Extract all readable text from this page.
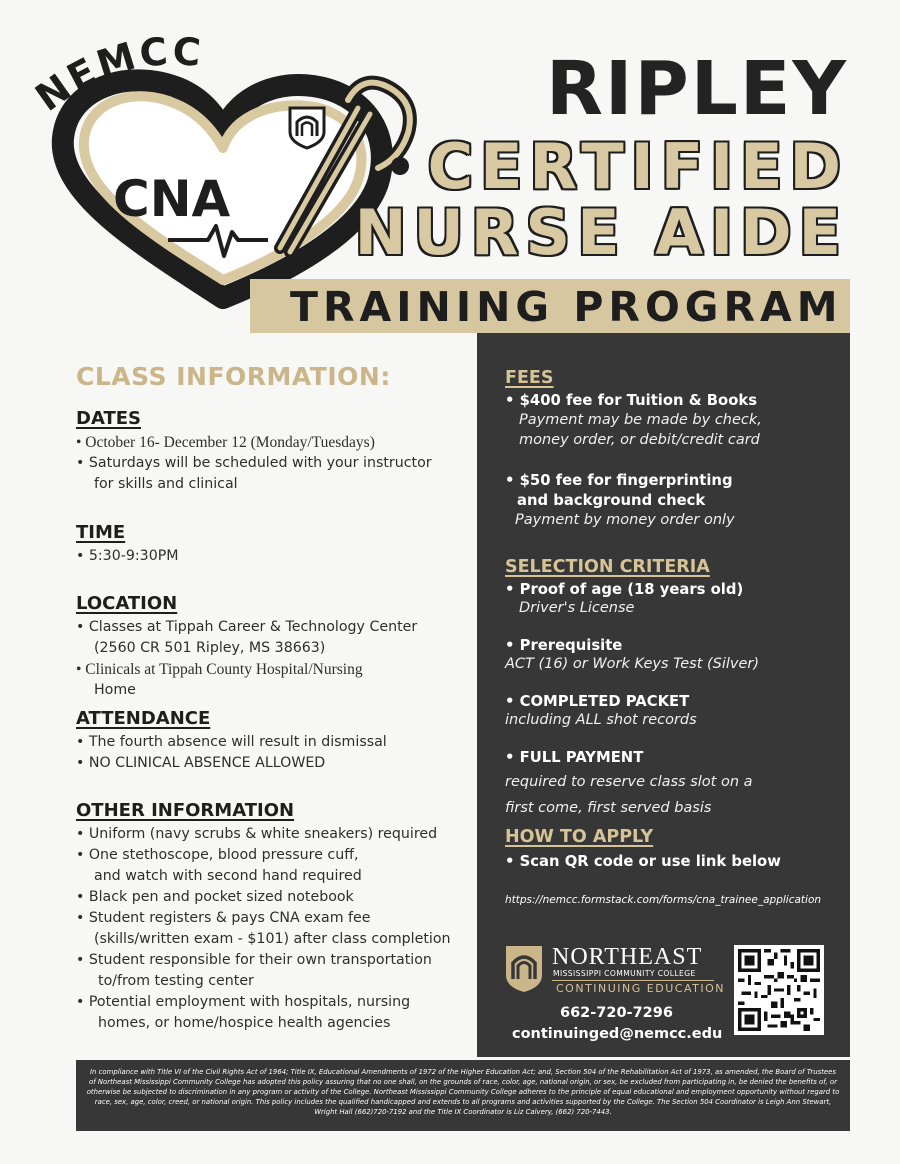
NEMCC
CNA
RIPLEY
CERTIFIED
NURSE AIDE
TRAINING PROGRAM
CLASS INFORMATION:
DATES
• October 16- December 12 (Monday/Tuesdays)
• Saturdays will be scheduled with your instructor
for skills and clinical
TIME
• 5:30-9:30PM
LOCATION
• Classes at Tippah Career & Technology Center
(2560 CR 501 Ripley, MS 38663)
• Clinicals at Tippah County Hospital/Nursing
Home
ATTENDANCE
• The fourth absence will result in dismissal
• NO CLINICAL ABSENCE ALLOWED
OTHER INFORMATION
• Uniform (navy scrubs & white sneakers) required
• One stethoscope, blood pressure cuff,
and watch with second hand required
• Black pen and pocket sized notebook
• Student registers & pays CNA exam fee
(skills/written exam - $101) after class completion
• Student responsible for their own transportation
to/from testing center
• Potential employment with hospitals, nursing
homes, or home/hospice health agencies
FEES
• $400 fee for Tuition & Books
Payment may be made by check,
money order, or debit/credit card
• $50 fee for fingerprinting
and background check
Payment by money order only
SELECTION CRITERIA
• Proof of age (18 years old)
Driver's License
• Prerequisite
ACT (16) or Work Keys Test (Silver)
• COMPLETED PACKET
including ALL shot records
• FULL PAYMENT
required to reserve class slot on a
first come, first served basis
HOW TO APPLY
• Scan QR code or use link below
https://nemcc.formstack.com/forms/cna_trainee_application
NORTHEAST
MISSISSIPPI COMMUNITY COLLEGE
CONTINUING EDUCATION
662-720-7296
continuinged@nemcc.edu

In compliance with Title VI of the Civil Rights Act of 1964; Title IX, Educational Amendments of 1972 of the Higher Education Act; and, Section 504 of the Rehabilitation Act of 1973, as amended, the Board of Trustees of Northeast Mississippi Community College has adopted this policy assuring that no one shall, on the grounds of race, color, age, national origin, or sex, be excluded from participating in, be denied the benefits of, or otherwise be subjected to discrimination in any program or activity of the College. Northeast Mississippi Community College adheres to the principle of equal educational and employment opportunity without regard to race, sex, age, color, creed, or national origin. This policy includes the qualified handicapped and extends to all programs and activities supported by the College. The Section 504 Coordinator is Leigh Ann Stewart, Wright Hall (662)720-7192 and the Title IX Coordinator is Liz Calvery, (662) 720-7443.
